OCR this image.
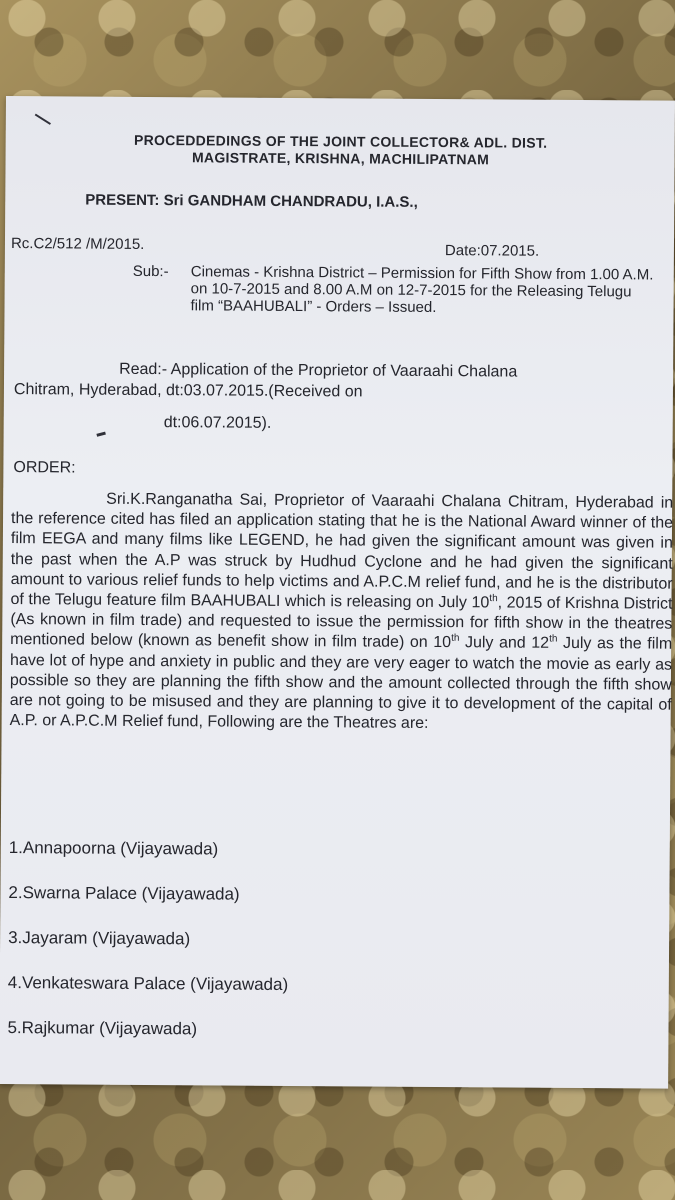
PROCEDDEDINGS OF THE JOINT COLLECTOR& ADL. DIST.
MAGISTRATE, KRISHNA, MACHILIPATNAM
PRESENT: Sri GANDHAM CHANDRADU, I.A.S.,
Rc.C2/512 /M/2015.	Date:07.2015.
Sub:-	Cinemas - Krishna District – Permission for Fifth Show from 1.00 A.M. on 10-7-2015 and 8.00 A.M on 12-7-2015 for the Releasing Telugu film “BAAHUBALI” - Orders – Issued.
Read:- Application of the Proprietor of Vaaraahi Chalana
Chitram, Hyderabad, dt:03.07.2015.(Received on
dt:06.07.2015).
ORDER:
Sri.K.Ranganatha Sai, Proprietor of Vaaraahi Chalana Chitram, Hyderabad in the reference cited has filed an application stating that he is the National Award winner of the film EEGA and many films like LEGEND, he had given the significant amount was given in the past when the A.P was struck by Hudhud Cyclone and he had given the significant amount to various relief funds to help victims and A.P.C.M relief fund, and he is the distributor of the Telugu feature film BAAHUBALI which is releasing on July 10th, 2015 of Krishna District (As known in film trade) and requested to issue the permission for fifth show in the theatres mentioned below (known as benefit show in film trade) on 10th July and 12th July as the film have lot of hype and anxiety in public and they are very eager to watch the movie as early as possible so they are planning the fifth show and the amount collected through the fifth show are not going to be misused and they are planning to give it to development of the capital of A.P. or A.P.C.M Relief fund, Following are the Theatres are:
1.Annapoorna (Vijayawada)
2.Swarna Palace (Vijayawada)
3.Jayaram (Vijayawada)
4.Venkateswara Palace (Vijayawada)
5.Rajkumar (Vijayawada)
